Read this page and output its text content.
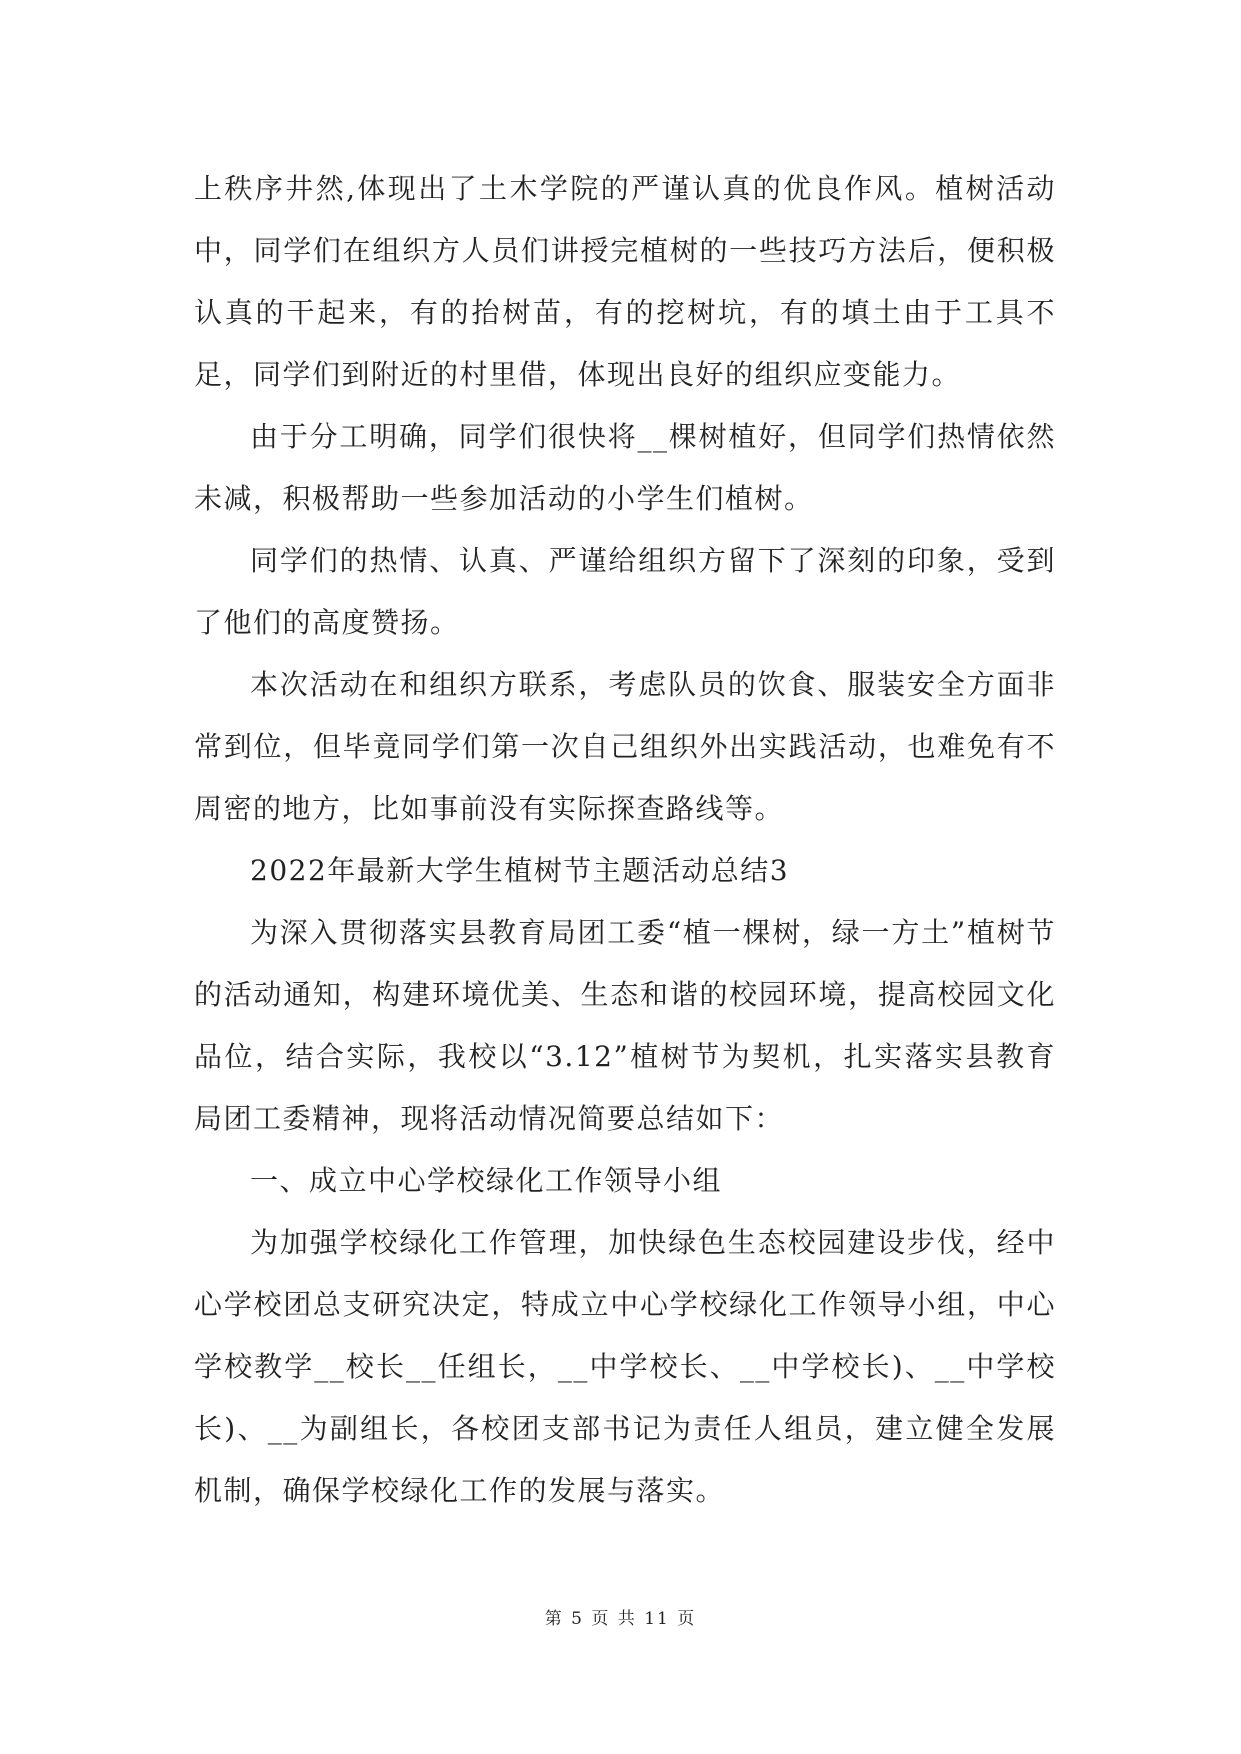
上秩序井然,体现出了土木学院的严谨认真的优良作风。植树活动中，同学们在组织方人员们讲授完植树的一些技巧方法后，便积极认真的干起来，有的抬树苗，有的挖树坑，有的填土由于工具不足，同学们到附近的村里借，体现出良好的组织应变能力。

由于分工明确，同学们很快将__棵树植好，但同学们热情依然未减，积极帮助一些参加活动的小学生们植树。

同学们的热情、认真、严谨给组织方留下了深刻的印象，受到了他们的高度赞扬。

本次活动在和组织方联系，考虑队员的饮食、服装安全方面非常到位，但毕竟同学们第一次自己组织外出实践活动，也难免有不周密的地方，比如事前没有实际探查路线等。

2022年最新大学生植树节主题活动总结3

为深入贯彻落实县教育局团工委“植一棵树，绿一方土”植树节的活动通知，构建环境优美、生态和谐的校园环境，提高校园文化品位，结合实际，我校以“3.12”植树节为契机，扎实落实县教育局团工委精神，现将活动情况简要总结如下：

一、成立中心学校绿化工作领导小组

为加强学校绿化工作管理，加快绿色生态校园建设步伐，经中心学校团总支研究决定，特成立中心学校绿化工作领导小组，中心学校教学__校长__任组长，__中学校长、__中学校长)、__中学校长)、__为副组长，各校团支部书记为责任人组员，建立健全发展机制，确保学校绿化工作的发展与落实。

第 5 页 共 11 页
